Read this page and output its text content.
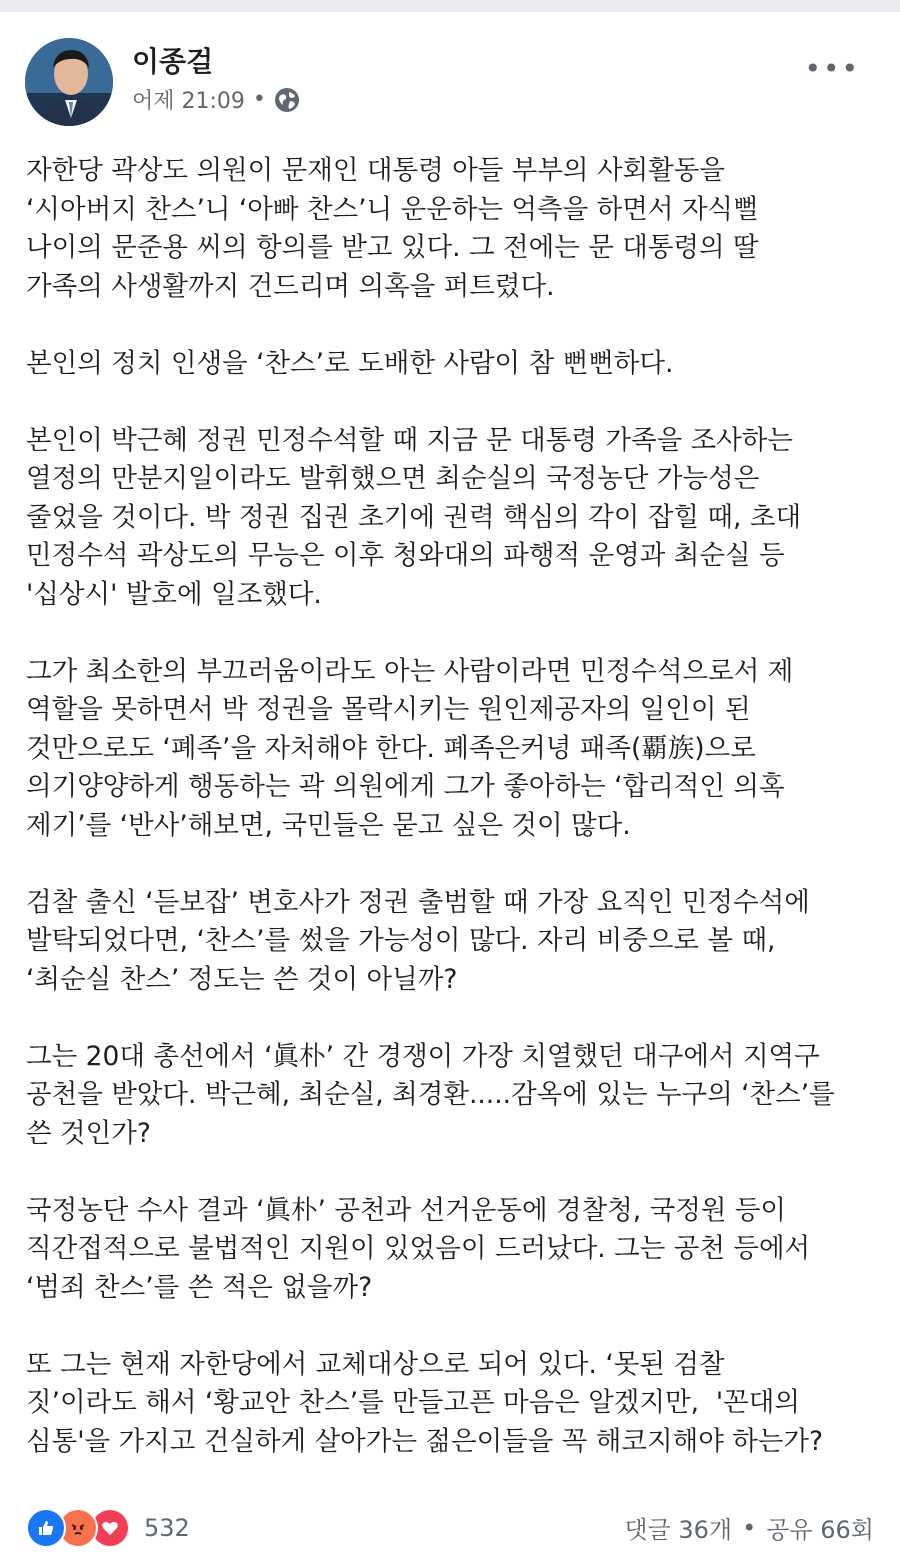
이종걸
어제 21:09 •
•••
자한당 곽상도 의원이 문재인 대통령 아들 부부의 사회활동을
‘시아버지 찬스’니 ‘아빠 찬스’니 운운하는 억측을 하면서 자식뻘
나이의 문준용 씨의 항의를 받고 있다. 그 전에는 문 대통령의 딸
가족의 사생활까지 건드리며 의혹을 퍼트렸다.

본인의 정치 인생을 ‘찬스’로 도배한 사람이 참 뻔뻔하다.

본인이 박근혜 정권 민정수석할 때 지금 문 대통령 가족을 조사하는
열정의 만분지일이라도 발휘했으면 최순실의 국정농단 가능성은
줄었을 것이다. 박 정권 집권 초기에 권력 핵심의 각이 잡힐 때, 초대
민정수석 곽상도의 무능은 이후 청와대의 파행적 운영과 최순실 등
'십상시' 발호에 일조했다.

그가 최소한의 부끄러움이라도 아는 사람이라면 민정수석으로서 제
역할을 못하면서 박 정권을 몰락시키는 원인제공자의 일인이 된
것만으로도 ‘폐족’을 자처해야 한다. 폐족은커녕 패족(覇族)으로
의기양양하게 행동하는 곽 의원에게 그가 좋아하는 ‘합리적인 의혹
제기’를 ‘반사’해보면, 국민들은 묻고 싶은 것이 많다.

검찰 출신 ‘듣보잡’ 변호사가 정권 출범할 때 가장 요직인 민정수석에
발탁되었다면, ‘찬스’를 썼을 가능성이 많다. 자리 비중으로 볼 때,
‘최순실 찬스’ 정도는 쓴 것이 아닐까?

그는 20대 총선에서 ‘眞朴’ 간 경쟁이 가장 치열했던 대구에서 지역구
공천을 받았다. 박근혜, 최순실, 최경환.....감옥에 있는 누구의 ‘찬스’를
쓴 것인가?

국정농단 수사 결과 ‘眞朴’ 공천과 선거운동에 경찰청, 국정원 등이
직간접적으로 불법적인 지원이 있었음이 드러났다. 그는 공천 등에서
‘범죄 찬스’를 쓴 적은 없을까?

또 그는 현재 자한당에서 교체대상으로 되어 있다. ‘못된 검찰
짓’이라도 해서 ‘황교안 찬스’를 만들고픈 마음은 알겠지만,  '꼰대의
심통'을 가지고 건실하게 살아가는 젊은이들을 꼭 해코지해야 하는가?
532	댓글 36개 • 공유 66회
